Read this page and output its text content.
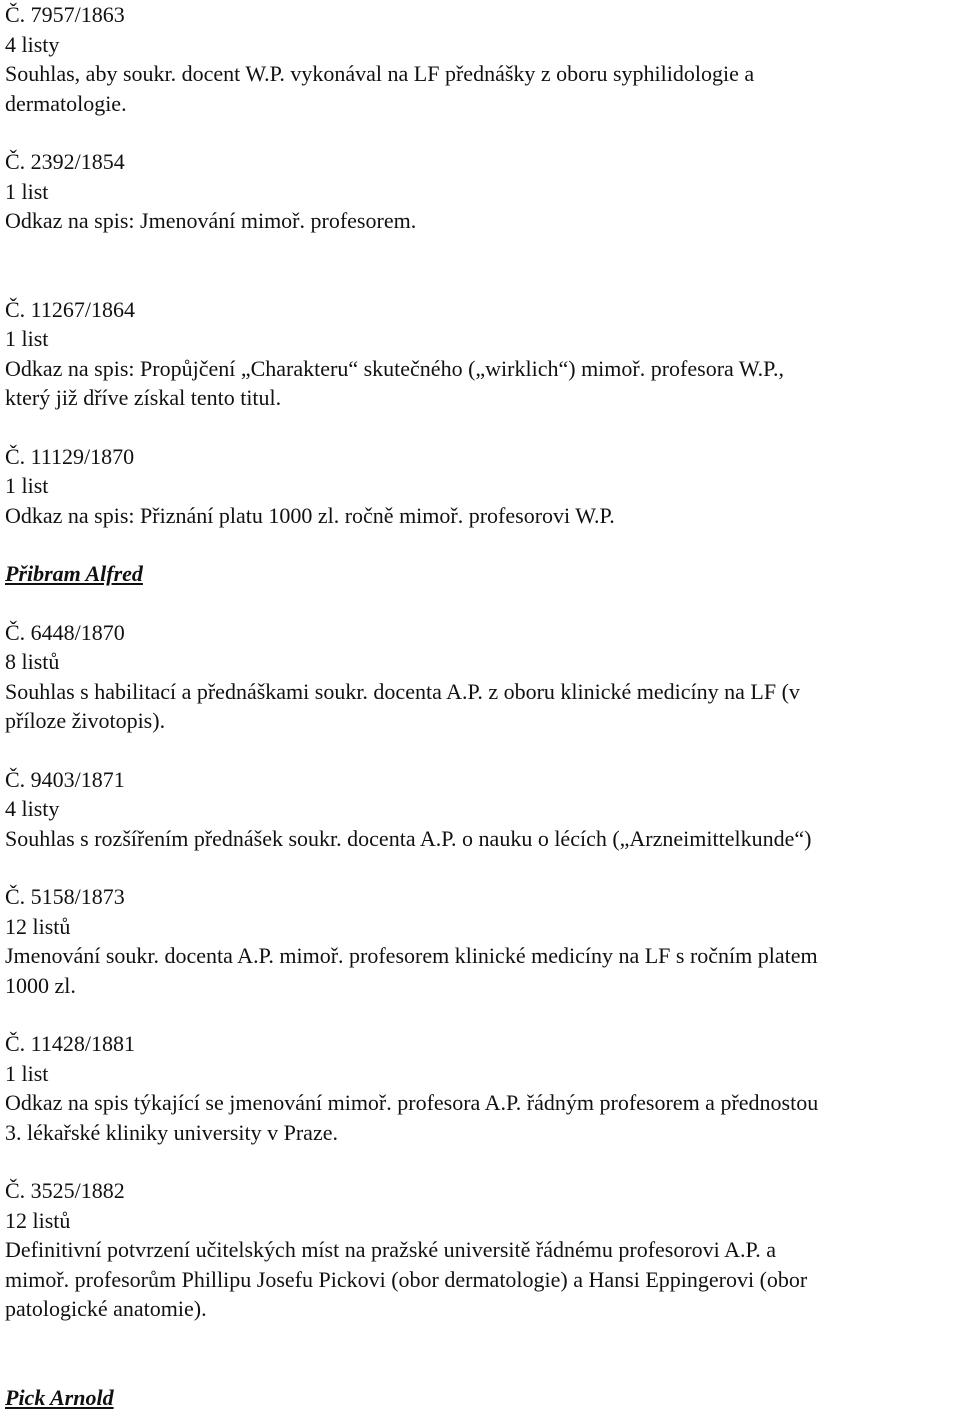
Č. 7957/1863
4 listy
Souhlas, aby soukr. docent W.P. vykonával na LF přednášky z oboru syphilidologie a
dermatologie.
Č. 2392/1854
1 list
Odkaz na spis: Jmenování mimoř. profesorem.
Č. 11267/1864
1 list
Odkaz na spis: Propůjčení „Charakteru“ skutečného („wirklich“) mimoř. profesora W.P.,
který již dříve získal tento titul.
Č. 11129/1870
1 list
Odkaz na spis: Přiznání platu 1000 zl. ročně mimoř. profesorovi W.P.
Přibram Alfred
Č. 6448/1870
8 listů
Souhlas s habilitací a přednáškami soukr. docenta A.P. z oboru klinické medicíny na LF (v
příloze životopis).
Č. 9403/1871
4 listy
Souhlas s rozšířením přednášek soukr. docenta A.P. o nauku o lécích („Arzneimittelkunde“)
Č. 5158/1873
12 listů
Jmenování soukr. docenta A.P. mimoř. profesorem klinické medicíny na LF s ročním platem
1000 zl.
Č. 11428/1881
1 list
Odkaz na spis týkající se jmenování mimoř. profesora A.P. řádným profesorem a přednostou
3. lékařské kliniky university v Praze.
Č. 3525/1882
12 listů
Definitivní potvrzení učitelských míst na pražské universitě řádnému profesorovi A.P. a
mimoř. profesorům Phillipu Josefu Pickovi (obor dermatologie) a Hansi Eppingerovi (obor
patologické anatomie).
Pick Arnold
